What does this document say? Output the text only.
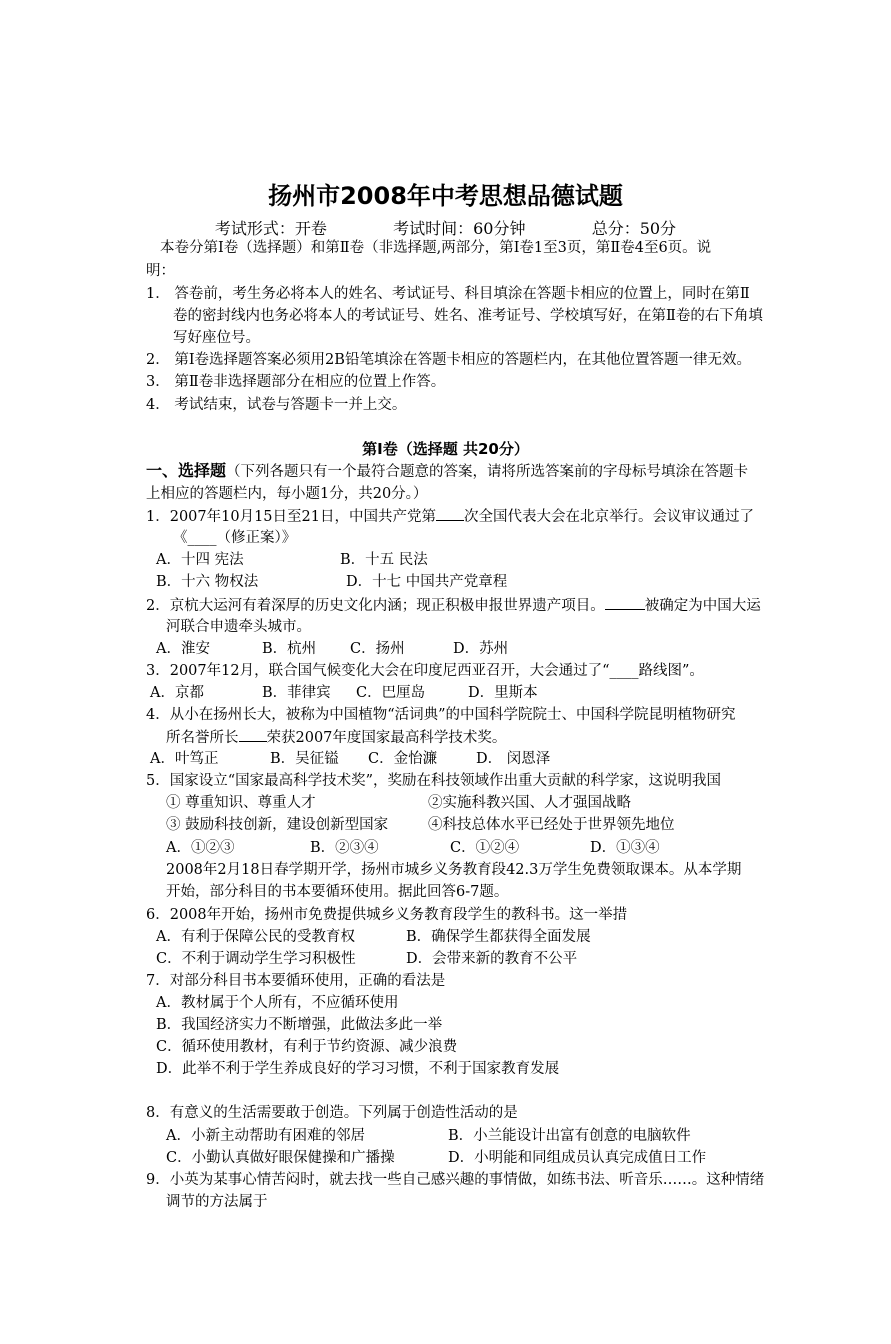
扬州市2008年中考思想品德试题
考试形式：开卷	考试时间：60分钟	总分：50分
本卷分第Ⅰ卷（选择题）和第Ⅱ卷（非选择题,两部分，第Ⅰ卷1至3页，第Ⅱ卷4至6页。说
明：
1． 答卷前，考生务必将本人的姓名、考试证号、科目填涂在答题卡相应的位置上，同时在第Ⅱ
卷的密封线内也务必将本人的考试证号、姓名、准考证号、学校填写好，在第Ⅱ卷的右下角填
写好座位号。
2． 第Ⅰ卷选择题答案必须用2B铅笔填涂在答题卡相应的答题栏内，在其他位置答题一律无效。
3． 第Ⅱ卷非选择题部分在相应的位置上作答。
4． 考试结束，试卷与答题卡一并上交。
第Ⅰ卷（选择题 共20分）
一、选择题（下列各题只有一个最符合题意的答案，请将所选答案前的字母标号填涂在答题卡
上相应的答题栏内，每小题1分，共20分。）
1．2007年10月15日至21日，中国共产党第 次全国代表大会在北京举行。会议审议通过了
《____（修正案）》
A．十四 宪法	B．十五 民法
B．十六 物权法	D．十七 中国共产党章程
2．京杭大运河有着深厚的历史文化内涵；现正积极申报世界遗产项目。	被确定为中国大运
河联合申遗牵头城市。
A．淮安	B．杭州 C．扬州	D．苏州
3．2007年12月，联合国气候变化大会在印度尼西亚召开，大会通过了“____路线图”。
A．京都	B．菲律宾 C．巴厘岛	D．里斯本
4．从小在扬州长大，被称为中国植物“活词典”的中国科学院院士、中国科学院昆明植物研究
所名誉所长 荣获2007年度国家最高科学技术奖。
A．叶笃正	B．吴征镒 C．金怡濂	D． 闵恩泽
5．国家设立“国家最高科学技术奖”，奖励在科技领域作出重大贡献的科学家，这说明我国
① 尊重知识、尊重人才	②实施科教兴国、人才强国战略
③ 鼓励科技创新，建设创新型国家	④科技总体水平已经处于世界领先地位
A．①②③	B．②③④	C．①②④	D．①③④
2008年2月18日春学期开学，扬州市城乡义务教育段42.3万学生免费领取课本。从本学期
开始，部分科目的书本要循环使用。据此回答6-7题。
6．2008年开始，扬州市免费提供城乡义务教育段学生的教科书。这一举措
A．有利于保障公民的受教育权	B．确保学生都获得全面发展
C．不利于调动学生学习积极性	D．会带来新的教育不公平
7．对部分科目书本要循环使用，正确的看法是
A．教材属于个人所有，不应循环使用
B．我国经济实力不断增强，此做法多此一举
C．循环使用教材，有利于节约资源、减少浪费
D．此举不利于学生养成良好的学习习惯，不利于国家教育发展
8．有意义的生活需要敢于创造。下列属于创造性活动的是
A．小新主动帮助有困难的邻居	B．小兰能设计出富有创意的电脑软件
C．小勤认真做好眼保健操和广播操	D．小明能和同组成员认真完成值日工作
9．小英为某事心情苦闷时，就去找一些自己感兴趣的事情做，如练书法、听音乐……。这种情绪
调节的方法属于
